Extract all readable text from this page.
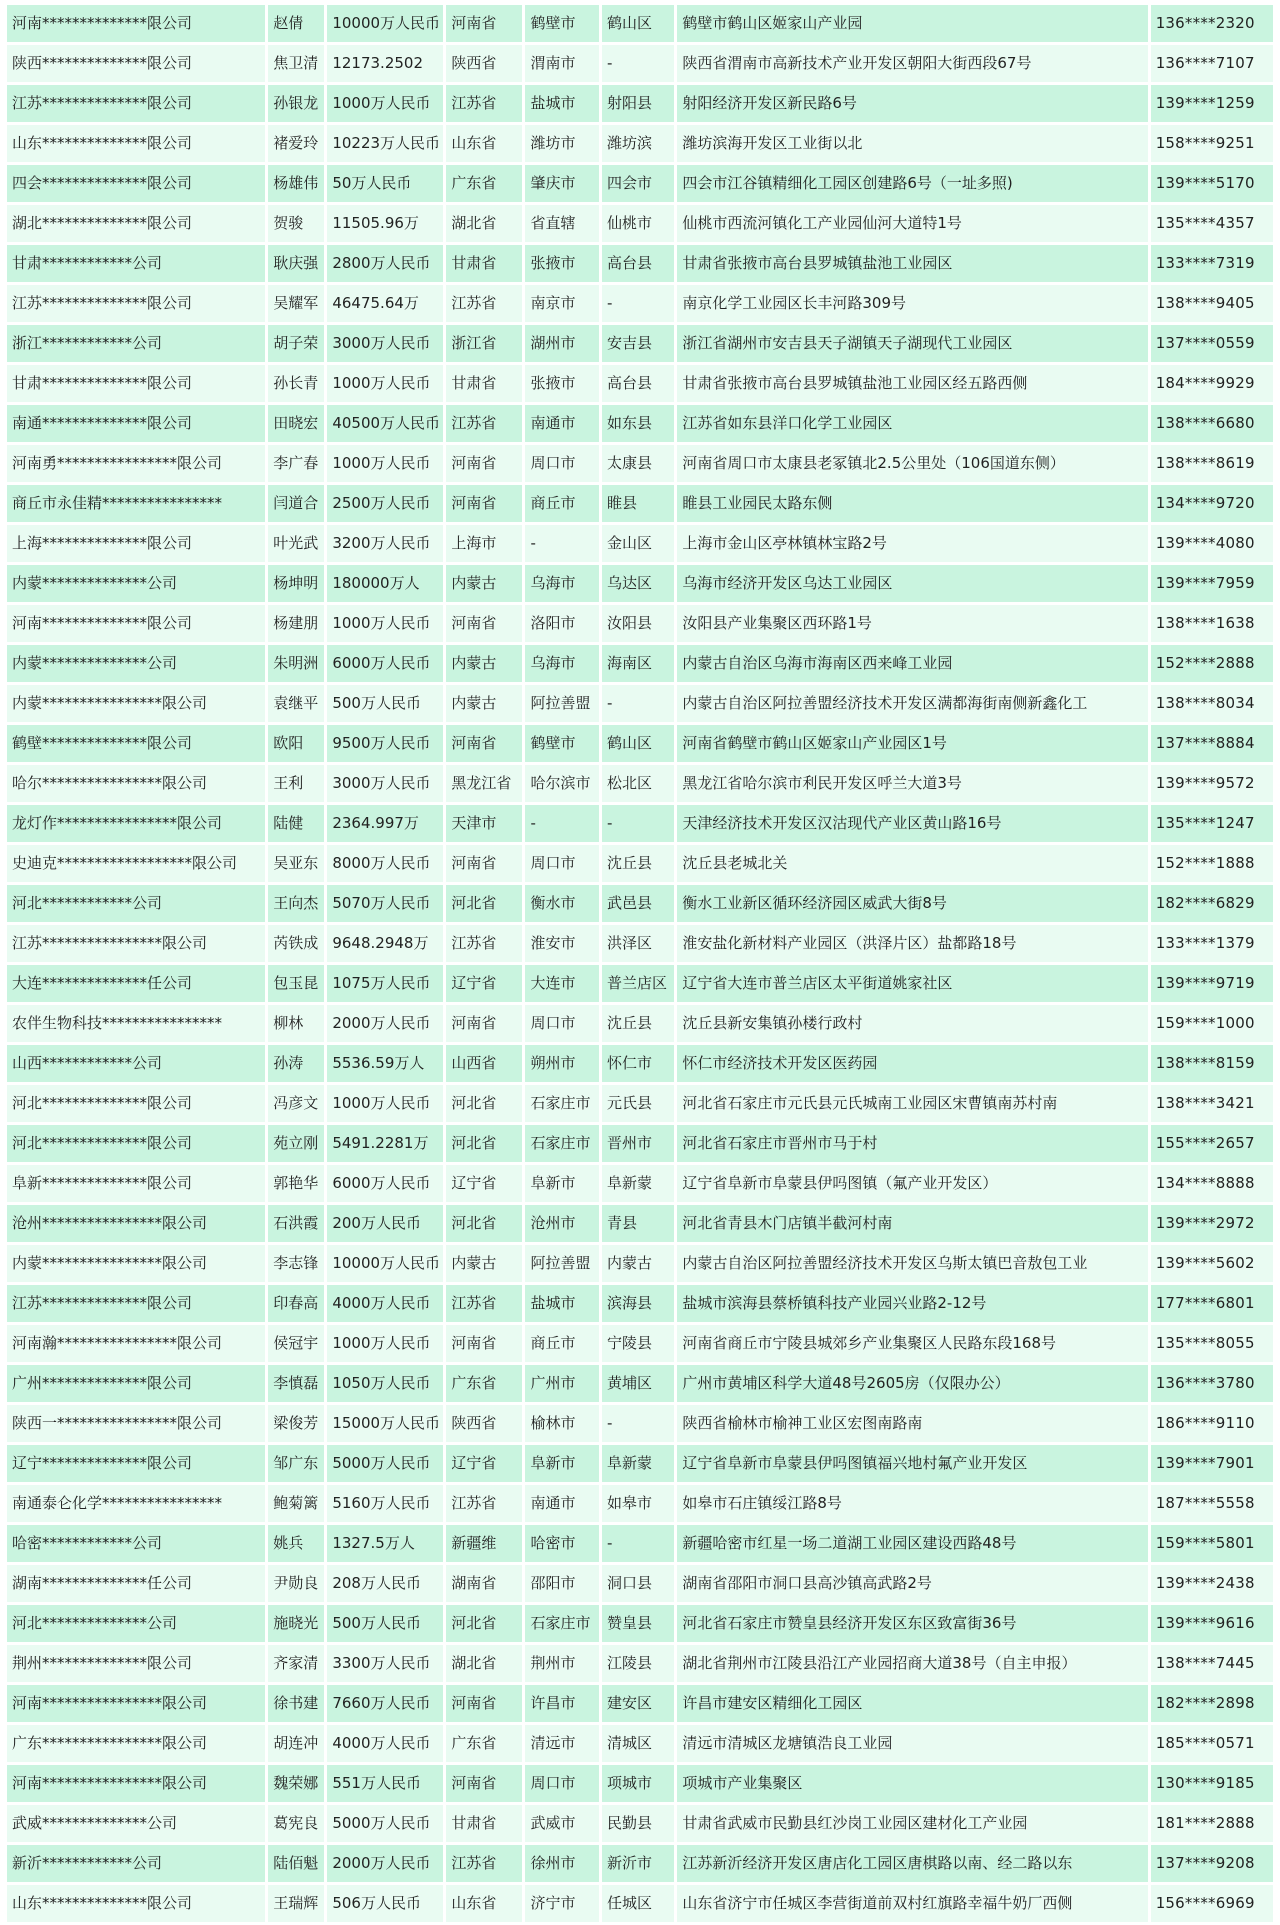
河南**************限公司	赵倩	10000万人民币	河南省	鹤壁市	鹤山区	鹤壁市鹤山区姬家山产业园	136****2320
陕西**************限公司	焦卫清	12173.2502	陕西省	渭南市	-	陕西省渭南市高新技术产业开发区朝阳大街西段67号	136****7107
江苏**************限公司	孙银龙	1000万人民币	江苏省	盐城市	射阳县	射阳经济开发区新民路6号	139****1259
山东**************限公司	褚爱玲	10223万人民币	山东省	潍坊市	潍坊滨	潍坊滨海开发区工业街以北	158****9251
四会**************限公司	杨雄伟	50万人民币	广东省	肇庆市	四会市	四会市江谷镇精细化工园区创建路6号（一址多照)	139****5170
湖北**************限公司	贺骏	11505.96万	湖北省	省直辖	仙桃市	仙桃市西流河镇化工产业园仙河大道特1号	135****4357
甘肃************公司	耿庆强	2800万人民币	甘肃省	张掖市	高台县	甘肃省张掖市高台县罗城镇盐池工业园区	133****7319
江苏**************限公司	吴耀军	46475.64万	江苏省	南京市	-	南京化学工业园区长丰河路309号	138****9405
浙江************公司	胡子荣	3000万人民币	浙江省	湖州市	安吉县	浙江省湖州市安吉县天子湖镇天子湖现代工业园区	137****0559
甘肃**************限公司	孙长青	1000万人民币	甘肃省	张掖市	高台县	甘肃省张掖市高台县罗城镇盐池工业园区经五路西侧	184****9929
南通**************限公司	田晓宏	40500万人民币	江苏省	南通市	如东县	江苏省如东县洋口化学工业园区	138****6680
河南勇****************限公司	李广春	1000万人民币	河南省	周口市	太康县	河南省周口市太康县老冢镇北2.5公里处（106国道东侧）	138****8619
商丘市永佳精****************	闫道合	2500万人民币	河南省	商丘市	睢县	睢县工业园民太路东侧	134****9720
上海**************限公司	叶光武	3200万人民币	上海市	-	金山区	上海市金山区亭林镇林宝路2号	139****4080
内蒙**************公司	杨坤明	180000万人	内蒙古	乌海市	乌达区	乌海市经济开发区乌达工业园区	139****7959
河南**************限公司	杨建朋	1000万人民币	河南省	洛阳市	汝阳县	汝阳县产业集聚区西环路1号	138****1638
内蒙**************公司	朱明洲	6000万人民币	内蒙古	乌海市	海南区	内蒙古自治区乌海市海南区西来峰工业园	152****2888
内蒙****************限公司	袁继平	500万人民币	内蒙古	阿拉善盟	-	内蒙古自治区阿拉善盟经济技术开发区满都海街南侧新鑫化工	138****8034
鹤壁**************限公司	欧阳	9500万人民币	河南省	鹤壁市	鹤山区	河南省鹤壁市鹤山区姬家山产业园区1号	137****8884
哈尔****************限公司	王利	3000万人民币	黑龙江省	哈尔滨市	松北区	黑龙江省哈尔滨市利民开发区呼兰大道3号	139****9572
龙灯作****************限公司	陆健	2364.997万	天津市	-	-	天津经济技术开发区汉沽现代产业区黄山路16号	135****1247
史迪克******************限公司	吴亚东	8000万人民币	河南省	周口市	沈丘县	沈丘县老城北关	152****1888
河北************公司	王向杰	5070万人民币	河北省	衡水市	武邑县	衡水工业新区循环经济园区威武大街8号	182****6829
江苏****************限公司	芮铁成	9648.2948万	江苏省	淮安市	洪泽区	淮安盐化新材料产业园区（洪泽片区）盐都路18号	133****1379
大连**************任公司	包玉昆	1075万人民币	辽宁省	大连市	普兰店区	辽宁省大连市普兰店区太平街道姚家社区	139****9719
农伴生物科技****************	柳林	2000万人民币	河南省	周口市	沈丘县	沈丘县新安集镇孙楼行政村	159****1000
山西************公司	孙涛	5536.59万人	山西省	朔州市	怀仁市	怀仁市经济技术开发区医药园	138****8159
河北**************限公司	冯彦文	1000万人民币	河北省	石家庄市	元氏县	河北省石家庄市元氏县元氏城南工业园区宋曹镇南苏村南	138****3421
河北**************限公司	苑立刚	5491.2281万	河北省	石家庄市	晋州市	河北省石家庄市晋州市马于村	155****2657
阜新**************限公司	郭艳华	6000万人民币	辽宁省	阜新市	阜新蒙	辽宁省阜新市阜蒙县伊吗图镇（氟产业开发区）	134****8888
沧州****************限公司	石洪霞	200万人民币	河北省	沧州市	青县	河北省青县木门店镇半截河村南	139****2972
内蒙****************限公司	李志锋	10000万人民币	内蒙古	阿拉善盟	内蒙古	内蒙古自治区阿拉善盟经济技术开发区乌斯太镇巴音敖包工业	139****5602
江苏**************限公司	印春高	4000万人民币	江苏省	盐城市	滨海县	盐城市滨海县蔡桥镇科技产业园兴业路2-12号	177****6801
河南瀚****************限公司	侯冠宇	1000万人民币	河南省	商丘市	宁陵县	河南省商丘市宁陵县城郊乡产业集聚区人民路东段168号	135****8055
广州**************限公司	李慎磊	1050万人民币	广东省	广州市	黄埔区	广州市黄埔区科学大道48号2605房（仅限办公）	136****3780
陕西一****************限公司	梁俊芳	15000万人民币	陕西省	榆林市	-	陕西省榆林市榆神工业区宏图南路南	186****9110
辽宁**************限公司	邹广东	5000万人民币	辽宁省	阜新市	阜新蒙	辽宁省阜新市阜蒙县伊吗图镇福兴地村氟产业开发区	139****7901
南通泰仑化学****************	鲍菊篱	5160万人民币	江苏省	南通市	如皋市	如皋市石庄镇绥江路8号	187****5558
哈密************公司	姚兵	1327.5万人	新疆维	哈密市	-	新疆哈密市红星一场二道湖工业园区建设西路48号	159****5801
湖南**************任公司	尹勋良	208万人民币	湖南省	邵阳市	洞口县	湖南省邵阳市洞口县高沙镇高武路2号	139****2438
河北**************公司	施晓光	500万人民币	河北省	石家庄市	赞皇县	河北省石家庄市赞皇县经济开发区东区致富街36号	139****9616
荆州**************限公司	齐家清	3300万人民币	湖北省	荆州市	江陵县	湖北省荆州市江陵县沿江产业园招商大道38号（自主申报）	138****7445
河南****************限公司	徐书建	7660万人民币	河南省	许昌市	建安区	许昌市建安区精细化工园区	182****2898
广东****************限公司	胡连冲	4000万人民币	广东省	清远市	清城区	清远市清城区龙塘镇浩良工业园	185****0571
河南****************限公司	魏荣娜	551万人民币	河南省	周口市	项城市	项城市产业集聚区	130****9185
武威**************公司	葛宪良	5000万人民币	甘肃省	武威市	民勤县	甘肃省武威市民勤县红沙岗工业园区建材化工产业园	181****2888
新沂************公司	陆佰魁	2000万人民币	江苏省	徐州市	新沂市	江苏新沂经济开发区唐店化工园区唐棋路以南、经二路以东	137****9208
山东**************限公司	王瑞辉	506万人民币	山东省	济宁市	任城区	山东省济宁市任城区李营街道前双村红旗路幸福牛奶厂西侧	156****6969
